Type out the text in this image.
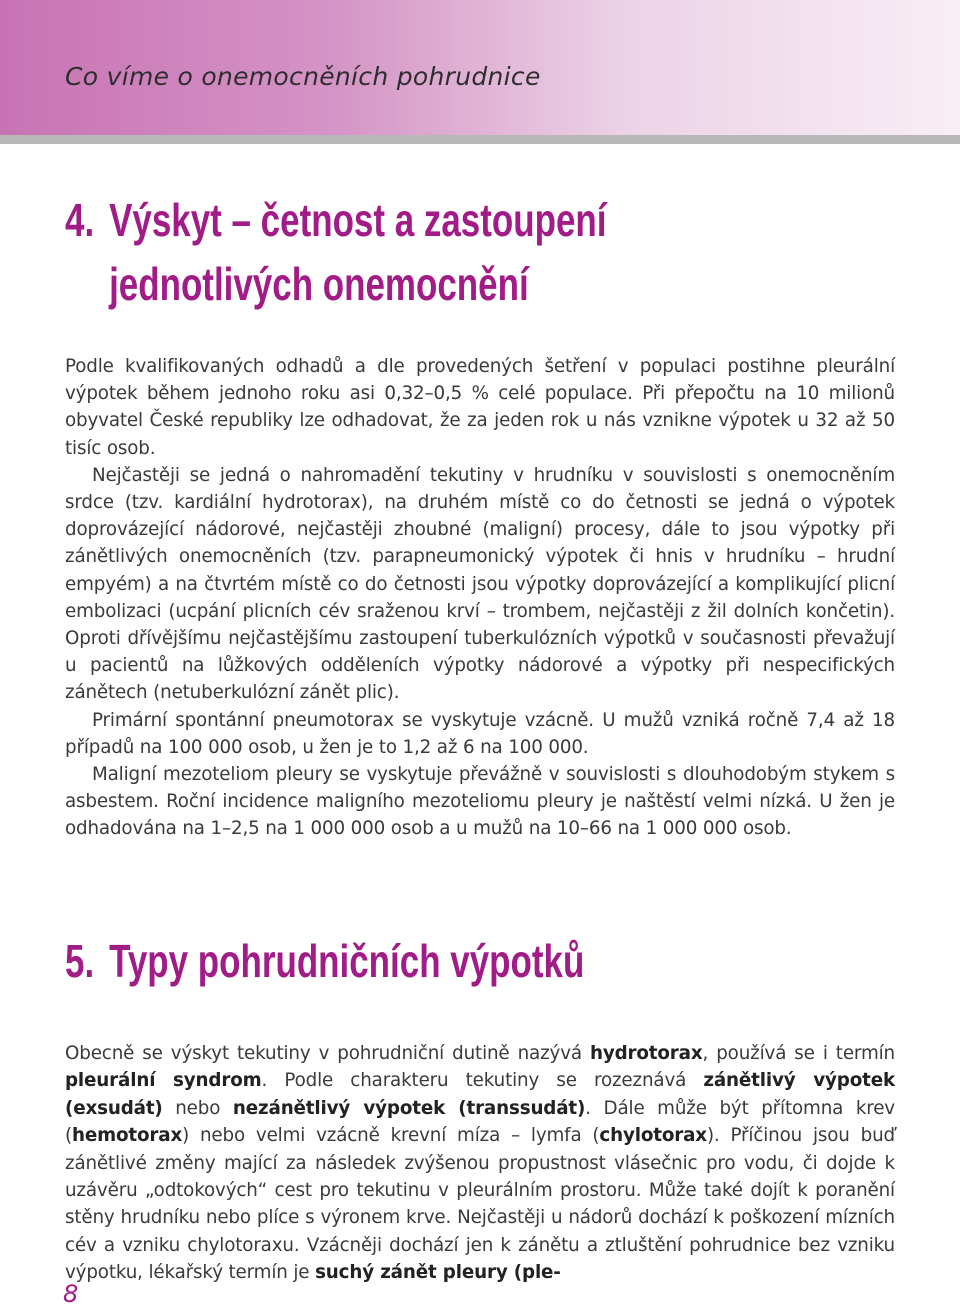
Co víme o onemocněních pohrudnice
4. Výskyt – četnost a zastoupení
jednotlivých onemocnění

Podle kvalifikovaných odhadů a dle provedených šetření v populaci postihne pleurální výpotek během jednoho roku asi 0,32–0,5 % celé populace. Při přepočtu na 10 milionů obyvatel České republiky lze odhadovat, že za jeden rok u nás vznikne výpotek u 32 až 50 tisíc osob.

Nejčastěji se jedná o nahromadění tekutiny v hrudníku v souvislosti s onemocněním srdce (tzv. kardiální hydrotorax), na druhém místě co do četnosti se jedná o výpotek doprovázející nádorové, nejčastěji zhoubné (maligní) procesy, dále to jsou výpotky při zánětlivých onemocněních (tzv. parapneumonický výpotek či hnis v hrudníku – hrudní empyém) a na čtvrtém místě co do četnosti jsou výpotky doprovázející a komplikující plicní embolizaci (ucpání plicních cév sraženou krví – trombem, nejčastěji z žil dolních končetin). Oproti dřívějšímu nejčastějšímu zastoupení tuberkulózních výpotků v současnosti převažují u pacientů na lůžkových odděleních výpotky nádorové a výpotky při nespecifických zánětech (netuberkulózní zánět plic).

Primární spontánní pneumotorax se vyskytuje vzácně. U mužů vzniká ročně 7,4 až 18 případů na 100 000 osob, u žen je to 1,2 až 6 na 100 000.

Maligní mezoteliom pleury se vyskytuje převážně v souvislosti s dlouhodobým stykem s asbestem. Roční incidence maligního mezoteliomu pleury je naštěstí velmi nízká. U žen je odhadována na 1–2,5 na 1 000 000 osob a u mužů na 10–66 na 1 000 000 osob.

5. Typy pohrudničních výpotků

Obecně se výskyt tekutiny v pohrudniční dutině nazývá hydrotorax, používá se i termín pleurální syndrom. Podle charakteru tekutiny se rozeznává zánětlivý výpotek (exsudát) nebo nezánětlivý výpotek (transsudát). Dále může být přítomna krev (hemotorax) nebo velmi vzácně krevní míza – lymfa (chylotorax). Příčinou jsou buď zánětlivé změny mající za následek zvýšenou propustnost vlásečnic pro vodu, či dojde k uzávěru „odtokových“ cest pro tekutinu v pleurálním prostoru. Může také dojít k poranění stěny hrudníku nebo plíce s výronem krve. Nejčastěji u nádorů dochází k poškození mízních cév a vzniku chylotoraxu. Vzácněji dochází jen k zánětu a ztluštění pohrudnice bez vzniku výpotku, lékařský termín je suchý zánět pleury (ple-

8
